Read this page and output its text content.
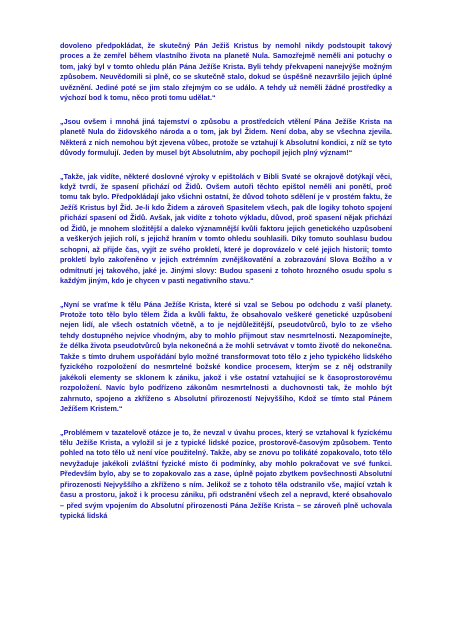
dovoleno předpokládat, že skutečný Pán Ježiš Kristus by nemohl nikdy podstoupit takový proces a že zemřel během vlastního života na planetě Nula. Samozřejmě neměli ani potuchy o tom, jaký byl v tomto ohledu plán Pána Ježíše Krista. Byli tehdy překvapeni nanejvýše možným způsobem. Neuvědomili si plně, co se skutečně stalo, dokud se úspěšně nezavršilo jejich úplné uvěznění. Jediné poté se jim stalo zřejmým co se událo. A tehdy už neměli žádné prostředky a výchozí bod k tomu, něco proti tomu udělat.“

„Jsou ovšem i mnohá jiná tajemství o způsobu a prostředcích vtělení Pána Ježíše Krista na planetě Nula do židovského národa a o tom, jak byl Židem. Není doba, aby se všechna zjevila. Některá z nich nemohou být zjevena vůbec, protože se vztahují k Absolutní kondici, z níž se tyto důvody formulují. Jeden by musel být Absolutním, aby pochopil jejich plný význam!“

„Takže, jak vidíte, některé doslovné výroky v epištolách v Bibli Svaté se okrajově dotýkají věci, když tvrdí, že spasení přichází od Židů. Ovšem autoři těchto epištol neměli ani ponětí, proč tomu tak bylo. Předpokládají jako všichni ostatní, že důvod tohoto sdělení je v prostém faktu, že Ježíš Kristus byl Žid. Je-li kdo Židem a zároveň Spasitelem všech, pak dle logiky tohoto spojení přichází spasení od Židů. Avšak, jak vidíte z tohoto výkladu, důvod, proč spasení nějak přichází od Židů, je mnohem složitější a daleko významnější kvůli faktoru jejich genetického uzpůsobení a veškerých jejich rolí, s jejichž hraním v tomto ohledu souhlasili. Díky tomuto souhlasu budou schopni, až přijde čas, vyjít ze svého prokletí, které je doprovázelo v celé jejich historii; tomto prokletí bylo zakořeněno v jejich extrémním zvnějškovatění a zobrazování Slova Božího a v odmítnutí jej takového, jaké je. Jinými slovy: Budou spaseni z tohoto hrozného osudu spolu s každým jiným, kdo je chycen v pasti negativního stavu.“

„Nyní se vraťme k tělu Pána Ježíše Krista, které si vzal se Sebou po odchodu z vaší planety. Protože toto tělo bylo tělem Žida a kvůli faktu, že obsahovalo veškeré genetické uzpůsobení nejen lidí, ale všech ostatních včetně, a to je nejdůležitější, pseudotvůrců, bylo to ze všeho tehdy dostupného nejvíce vhodným, aby to mohlo přijmout stav nesmrtelnosti. Nezapomínejte, že délka života pseudotvůrců byla nekonečná a že mohli setrvávat v tomto životě do nekonečna. Takže s tímto druhem uspořádání bylo možné transformovat toto tělo z jeho typického lidského fyzického rozpoložení do nesmrtelné božské kondice procesem, kterým se z něj odstranily jakékoli elementy se sklonem k zániku, jakož i vše ostatní vztahující se k časoprostorovému rozpoložení. Navíc bylo podřízeno zákonům nesmrtelnosti a duchovnosti tak, že mohlo být zahrnuto, spojeno a zkříženo s Absolutní přirozeností Nejvyššího, Kdož se tímto stal Pánem Ježíšem Kristem.“

„Problémem v tazatelově otázce je to, že nevzal v úvahu proces, který se vztahoval k fyzickému tělu Ježíše Krista, a vyložil si je z typické lidské pozice, prostorově-časovým způsobem. Tento pohled na toto tělo už není více použitelný. Takže, aby se znovu po tolikáté zopakovalo, toto tělo nevyžaduje jakékoli zvláštní fyzické místo či podmínky, aby mohlo pokračovat ve své funkci. Především bylo, aby se to zopakovalo zas a zase, úplně pojato zbytkem povšechnosti Absolutní přirozenosti Nejvyššího a zkříženo s ním. Jelikož se z tohoto těla odstranilo vše, mající vztah k času a prostoru, jakož i k procesu zániku, při odstranění všech zel a nepravd, které obsahovalo – před svým vpojením do Absolutní přirozenosti Pána Ježíše Krista – se zároveň plně uchovala typická lidská
